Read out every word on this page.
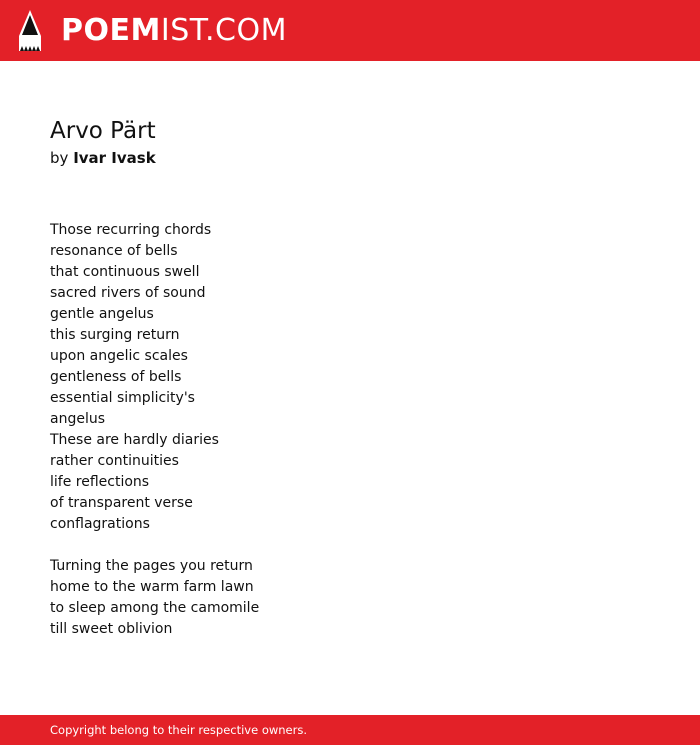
POEMIST.COM
Arvo Pärt

by Ivar Ivask

Those recurring chords
resonance of bells
that continuous swell
sacred rivers of sound
gentle angelus
this surging return
upon angelic scales
gentleness of bells
essential simplicity's
angelus
These are hardly diaries
rather continuities
life reflections
of transparent verse
conflagrations

Turning the pages you return
home to the warm farm lawn
to sleep among the camomile
till sweet oblivion

Copyright belong to their respective owners.
